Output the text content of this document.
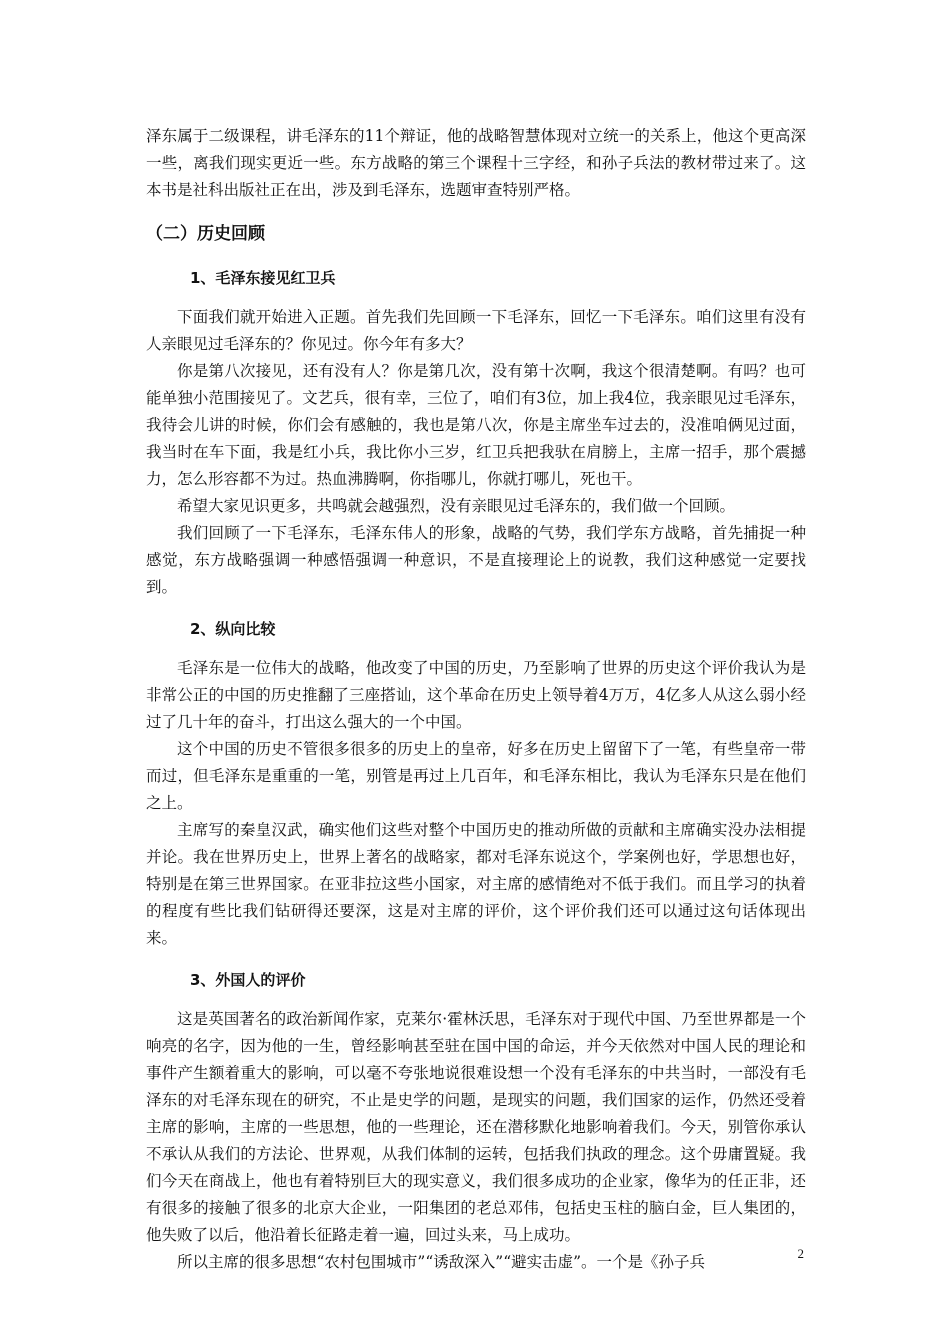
泽东属于二级课程，讲毛泽东的11个辩证，他的战略智慧体现对立统一的关系上，他这个更高深一些，离我们现实更近一些。东方战略的第三个课程十三字经，和孙子兵法的教材带过来了。这本书是社科出版社正在出，涉及到毛泽东，选题审查特别严格。

（二）历史回顾
1、毛泽东接见红卫兵

下面我们就开始进入正题。首先我们先回顾一下毛泽东，回忆一下毛泽东。咱们这里有没有人亲眼见过毛泽东的？你见过。你今年有多大？

你是第八次接见，还有没有人？你是第几次，没有第十次啊，我这个很清楚啊。有吗？也可能单独小范围接见了。文艺兵，很有幸，三位了，咱们有3位，加上我4位，我亲眼见过毛泽东，我待会儿讲的时候，你们会有感触的，我也是第八次，你是主席坐车过去的，没准咱俩见过面，我当时在车下面，我是红小兵，我比你小三岁，红卫兵把我驮在肩膀上，主席一招手，那个震撼力，怎么形容都不为过。热血沸腾啊，你指哪儿，你就打哪儿，死也干。

希望大家见识更多，共鸣就会越强烈，没有亲眼见过毛泽东的，我们做一个回顾。

我们回顾了一下毛泽东，毛泽东伟人的形象，战略的气势，我们学东方战略，首先捕捉一种感觉，东方战略强调一种感悟强调一种意识，不是直接理论上的说教，我们这种感觉一定要找到。

2、纵向比较

毛泽东是一位伟大的战略，他改变了中国的历史，乃至影响了世界的历史这个评价我认为是非常公正的中国的历史推翻了三座搭讪，这个革命在历史上领导着4万万，4亿多人从这么弱小经过了几十年的奋斗，打出这么强大的一个中国。

这个中国的历史不管很多很多的历史上的皇帝，好多在历史上留留下了一笔，有些皇帝一带而过，但毛泽东是重重的一笔，别管是再过上几百年，和毛泽东相比，我认为毛泽东只是在他们之上。

主席写的秦皇汉武，确实他们这些对整个中国历史的推动所做的贡献和主席确实没办法相提并论。我在世界历史上，世界上著名的战略家，都对毛泽东说这个，学案例也好，学思想也好，特别是在第三世界国家。在亚非拉这些小国家，对主席的感情绝对不低于我们。而且学习的执着的程度有些比我们钻研得还要深，这是对主席的评价，这个评价我们还可以通过这句话体现出来。

3、外国人的评价

这是英国著名的政治新闻作家，克莱尔·霍林沃思，毛泽东对于现代中国、乃至世界都是一个响亮的名字，因为他的一生，曾经影响甚至驻在国中国的命运，并今天依然对中国人民的理论和事件产生额着重大的影响，可以毫不夸张地说很难设想一个没有毛泽东的中共当时，一部没有毛泽东的对毛泽东现在的研究，不止是史学的问题，是现实的问题，我们国家的运作，仍然还受着主席的影响，主席的一些思想，他的一些理论，还在潜移默化地影响着我们。今天，别管你承认不承认从我们的方法论、世界观，从我们体制的运转，包括我们执政的理念。这个毋庸置疑。我们今天在商战上，他也有着特别巨大的现实意义，我们很多成功的企业家，像华为的任正非，还有很多的接触了很多的北京大企业，一阳集团的老总邓伟，包括史玉柱的脑白金，巨人集团的，他失败了以后，他沿着长征路走着一遍，回过头来，马上成功。

所以主席的很多思想“农村包围城市”“诱敌深入”“避实击虚”。一个是《孙子兵	2
